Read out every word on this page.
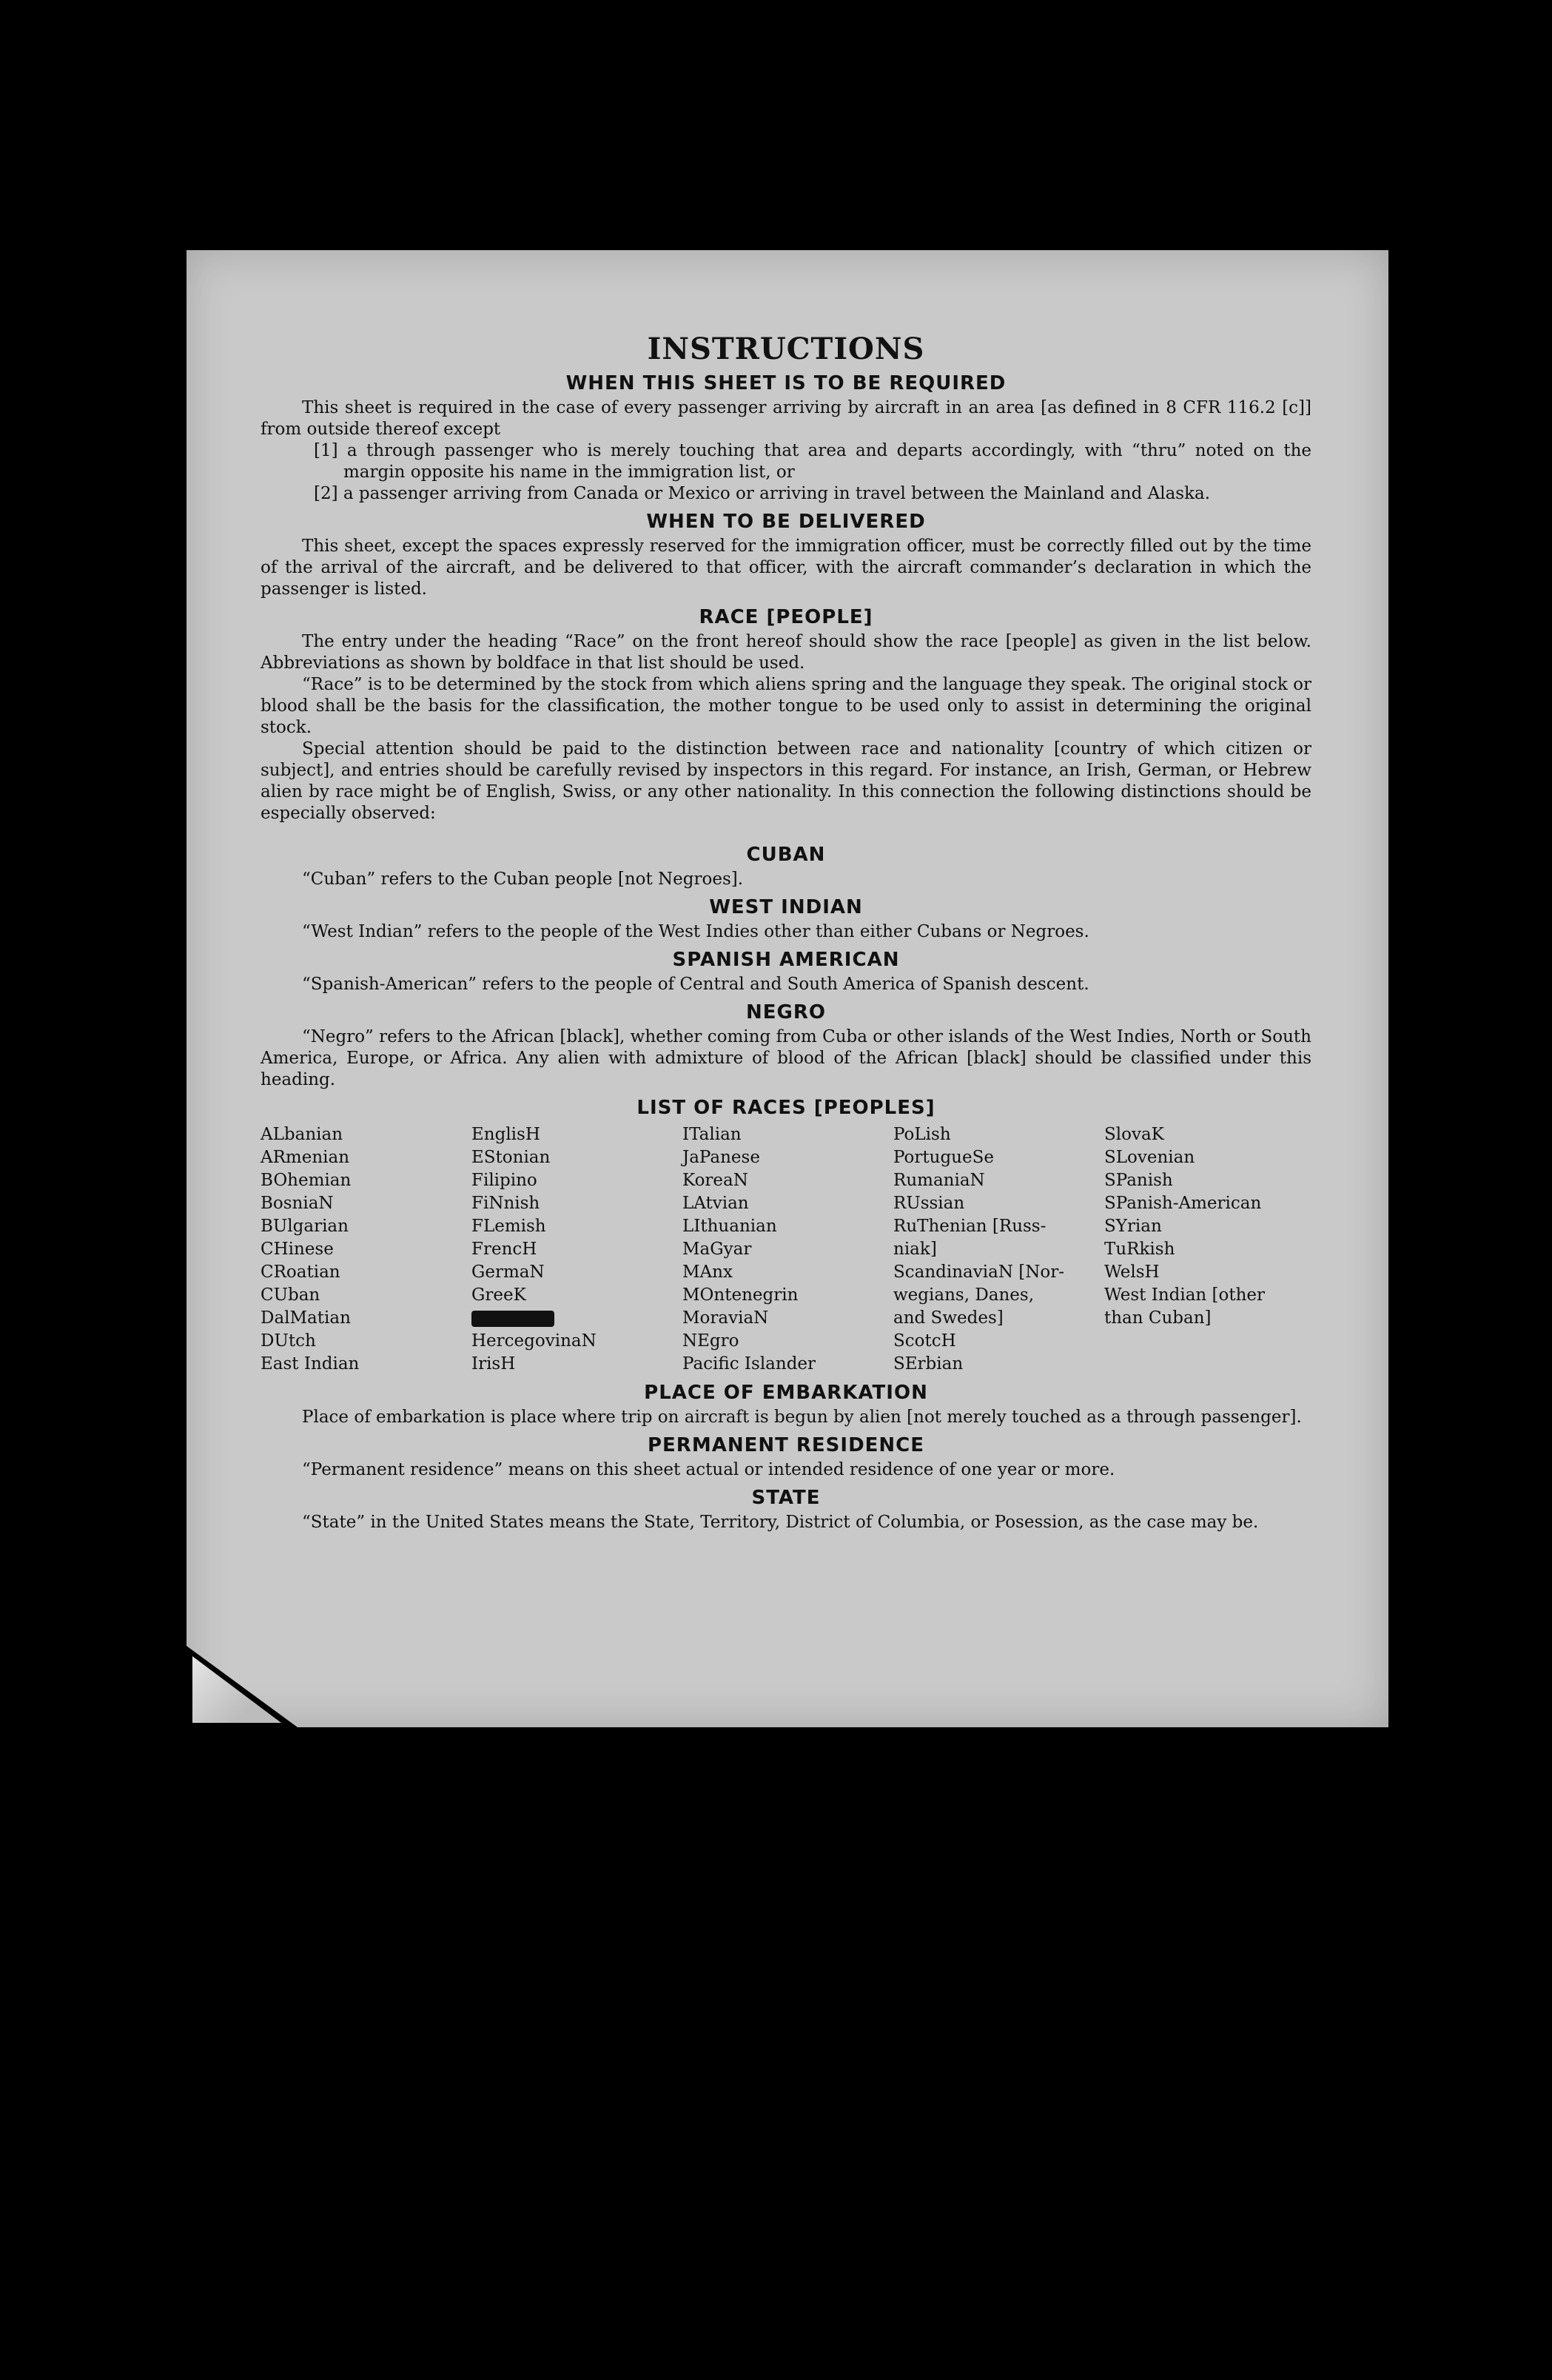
INSTRUCTIONS
WHEN THIS SHEET IS TO BE REQUIRED

This sheet is required in the case of every passenger arriving by aircraft in an area [as defined in 8 CFR 116.2 [c]] from outside thereof except

[1] a through passenger who is merely touching that area and departs accordingly, with “thru” noted on the margin opposite his name in the immigration list, or
[2] a passenger arriving from Canada or Mexico or arriving in travel between the Mainland and Alaska.
WHEN TO BE DELIVERED

This sheet, except the spaces expressly reserved for the immigration officer, must be correctly filled out by the time of the arrival of the aircraft, and be delivered to that officer, with the aircraft commander’s declaration in which the passenger is listed.

RACE [PEOPLE]

The entry under the heading “Race” on the front hereof should show the race [people] as given in the list below. Abbreviations as shown by boldface in that list should be used.

“Race” is to be determined by the stock from which aliens spring and the language they speak. The original stock or blood shall be the basis for the classification, the mother tongue to be used only to assist in determining the original stock.

Special attention should be paid to the distinction between race and nationality [country of which citizen or subject], and entries should be carefully revised by inspectors in this regard. For instance, an Irish, German, or Hebrew alien by race might be of English, Swiss, or any other nationality. In this connection the following distinctions should be especially observed:

CUBAN

“Cuban” refers to the Cuban people [not Negroes].

WEST INDIAN

“West Indian” refers to the people of the West Indies other than either Cubans or Negroes.

SPANISH AMERICAN

“Spanish-American” refers to the people of Central and South America of Spanish descent.

NEGRO

“Negro” refers to the African [black], whether coming from Cuba or other islands of the West Indies, North or South America, Europe, or Africa. Any alien with admixture of blood of the African [black] should be classified under this heading.

LIST OF RACES [PEOPLES]
ALbanian
ARmenian
BOhemian
BosniaN
BUlgarian
CHinese
CRoatian
CUban
DalMatian
DUtch
East Indian
EnglisH
EStonian
Filipino
FiNnish
FLemish
FrencH
GermaN
GreeK
HercegovinaN
IrisH
ITalian
JaPanese
KoreaN
LAtvian
LIthuanian
MaGyar
MAnx
MOntenegrin
MoraviaN
NEgro
Pacific Islander
PoLish
PortugueSe
RumaniaN
RUssian
RuThenian [Russ-
niak]
ScandinaviaN [Nor-
wegians, Danes,
and Swedes]
ScotcH
SErbian
SlovaK
SLovenian
SPanish
SPanish-American
SYrian
TuRkish
WelsH
West Indian [other
than Cuban]
PLACE OF EMBARKATION

Place of embarkation is place where trip on aircraft is begun by alien [not merely touched as a through passenger].

PERMANENT RESIDENCE

“Permanent residence” means on this sheet actual or intended residence of one year or more.

STATE

“State” in the United States means the State, Territory, District of Columbia, or Posession, as the case may be.
